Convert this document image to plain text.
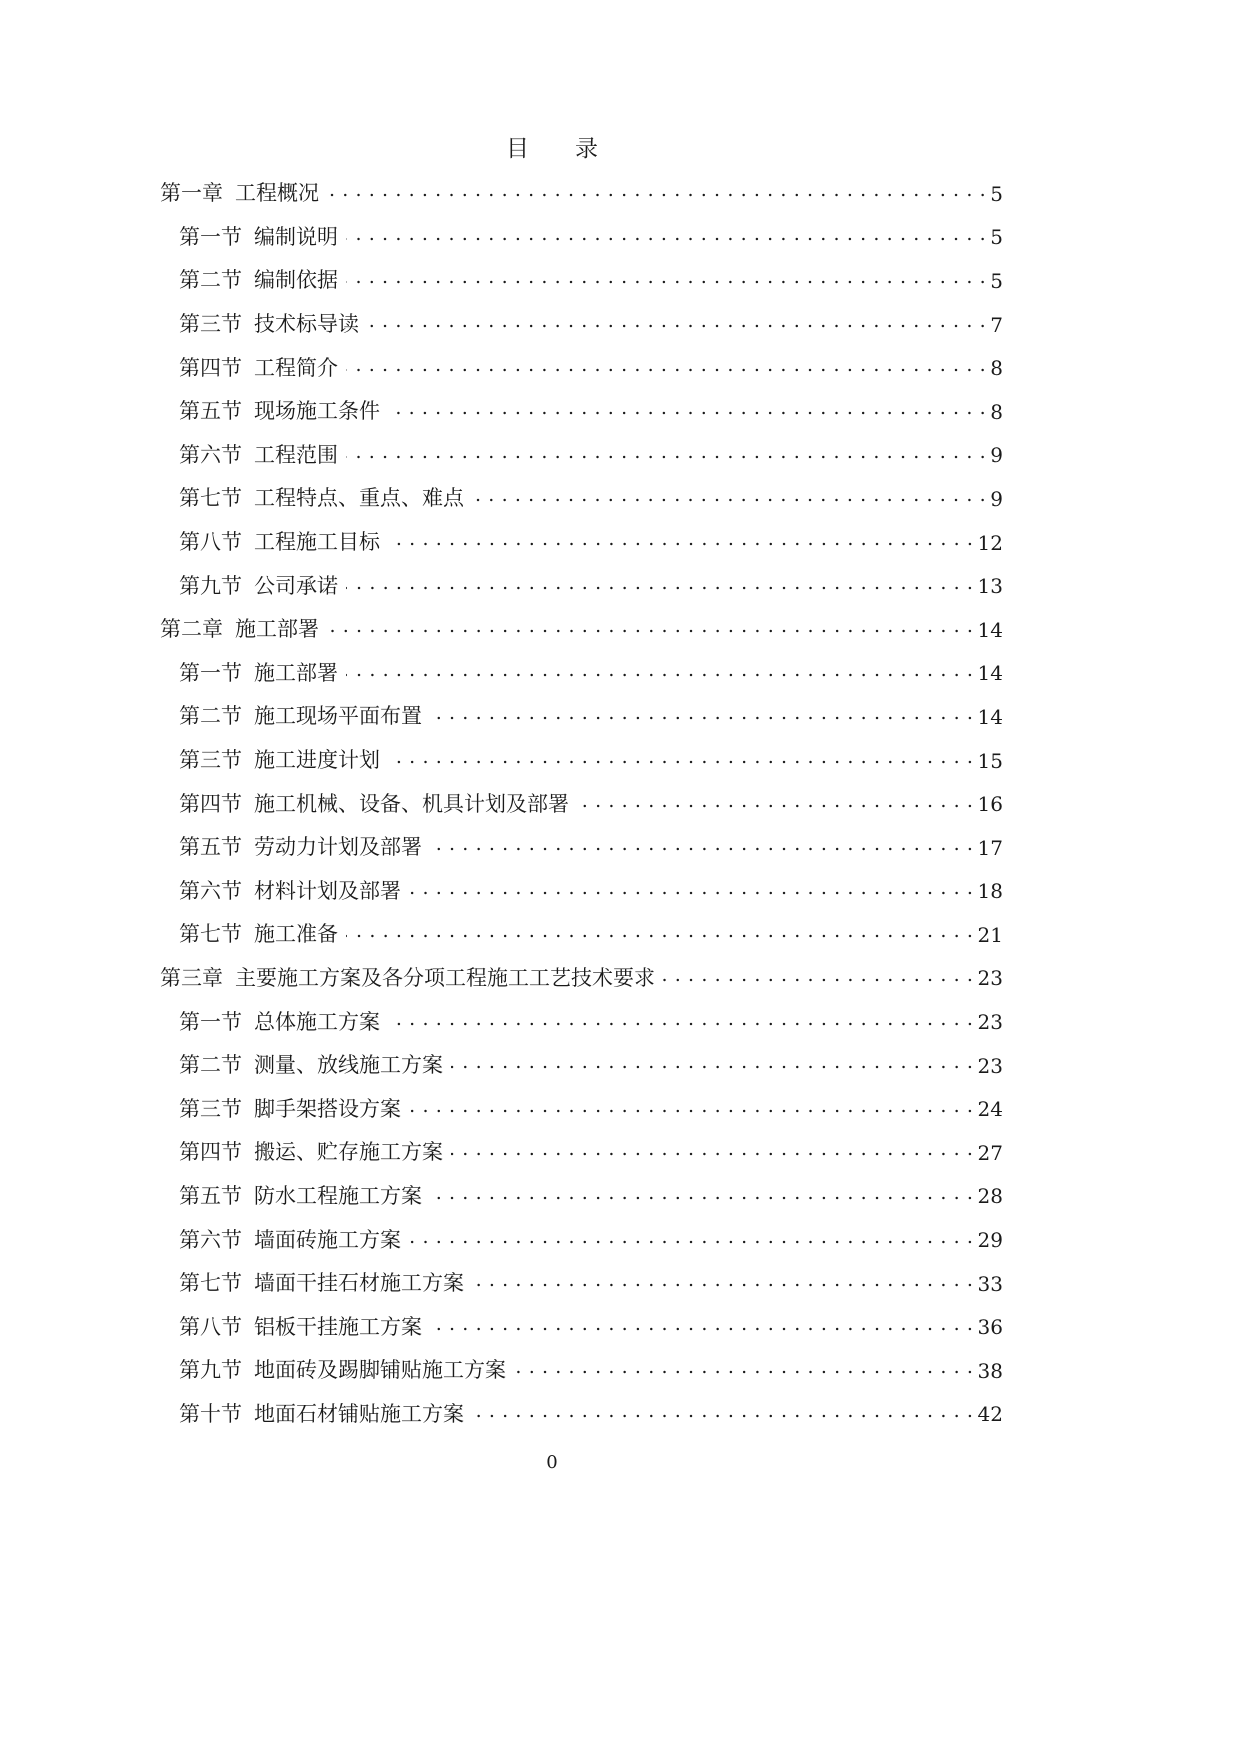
目录
第一章 工程概况 . . .	5
第一节 编制说明 . . .	5
第二节 编制依据 . . .	5
第三节 技术标导读 . . .	7
第四节 工程简介 . . .	8
第五节 现场施工条件 . . .	8
第六节 工程范围 . . .	9
第七节 工程特点、重点、难点 . . .	9
第八节 工程施工目标 . . .	12
第九节 公司承诺 . . .	13
第二章 施工部署 . . .	14
第一节 施工部署 . . .	14
第二节 施工现场平面布置 . . .	14
第三节 施工进度计划 . . .	15
第四节 施工机械、设备、机具计划及部署 . . .	16
第五节 劳动力计划及部署 . . .	17
第六节 材料计划及部署 . . .	18
第七节 施工准备 . . .	21
第三章 主要施工方案及各分项工程施工工艺技术要求 . . .	23
第一节 总体施工方案 . . .	23
第二节 测量、放线施工方案 . . .	23
第三节 脚手架搭设方案 . . .	24
第四节 搬运、贮存施工方案 . . .	27
第五节 防水工程施工方案 . . .	28
第六节 墙面砖施工方案 . . .	29
第七节 墙面干挂石材施工方案 . . .	33
第八节 铝板干挂施工方案 . . .	36
第九节 地面砖及踢脚铺贴施工方案 . . .	38
第十节 地面石材铺贴施工方案 . . .	42
0
